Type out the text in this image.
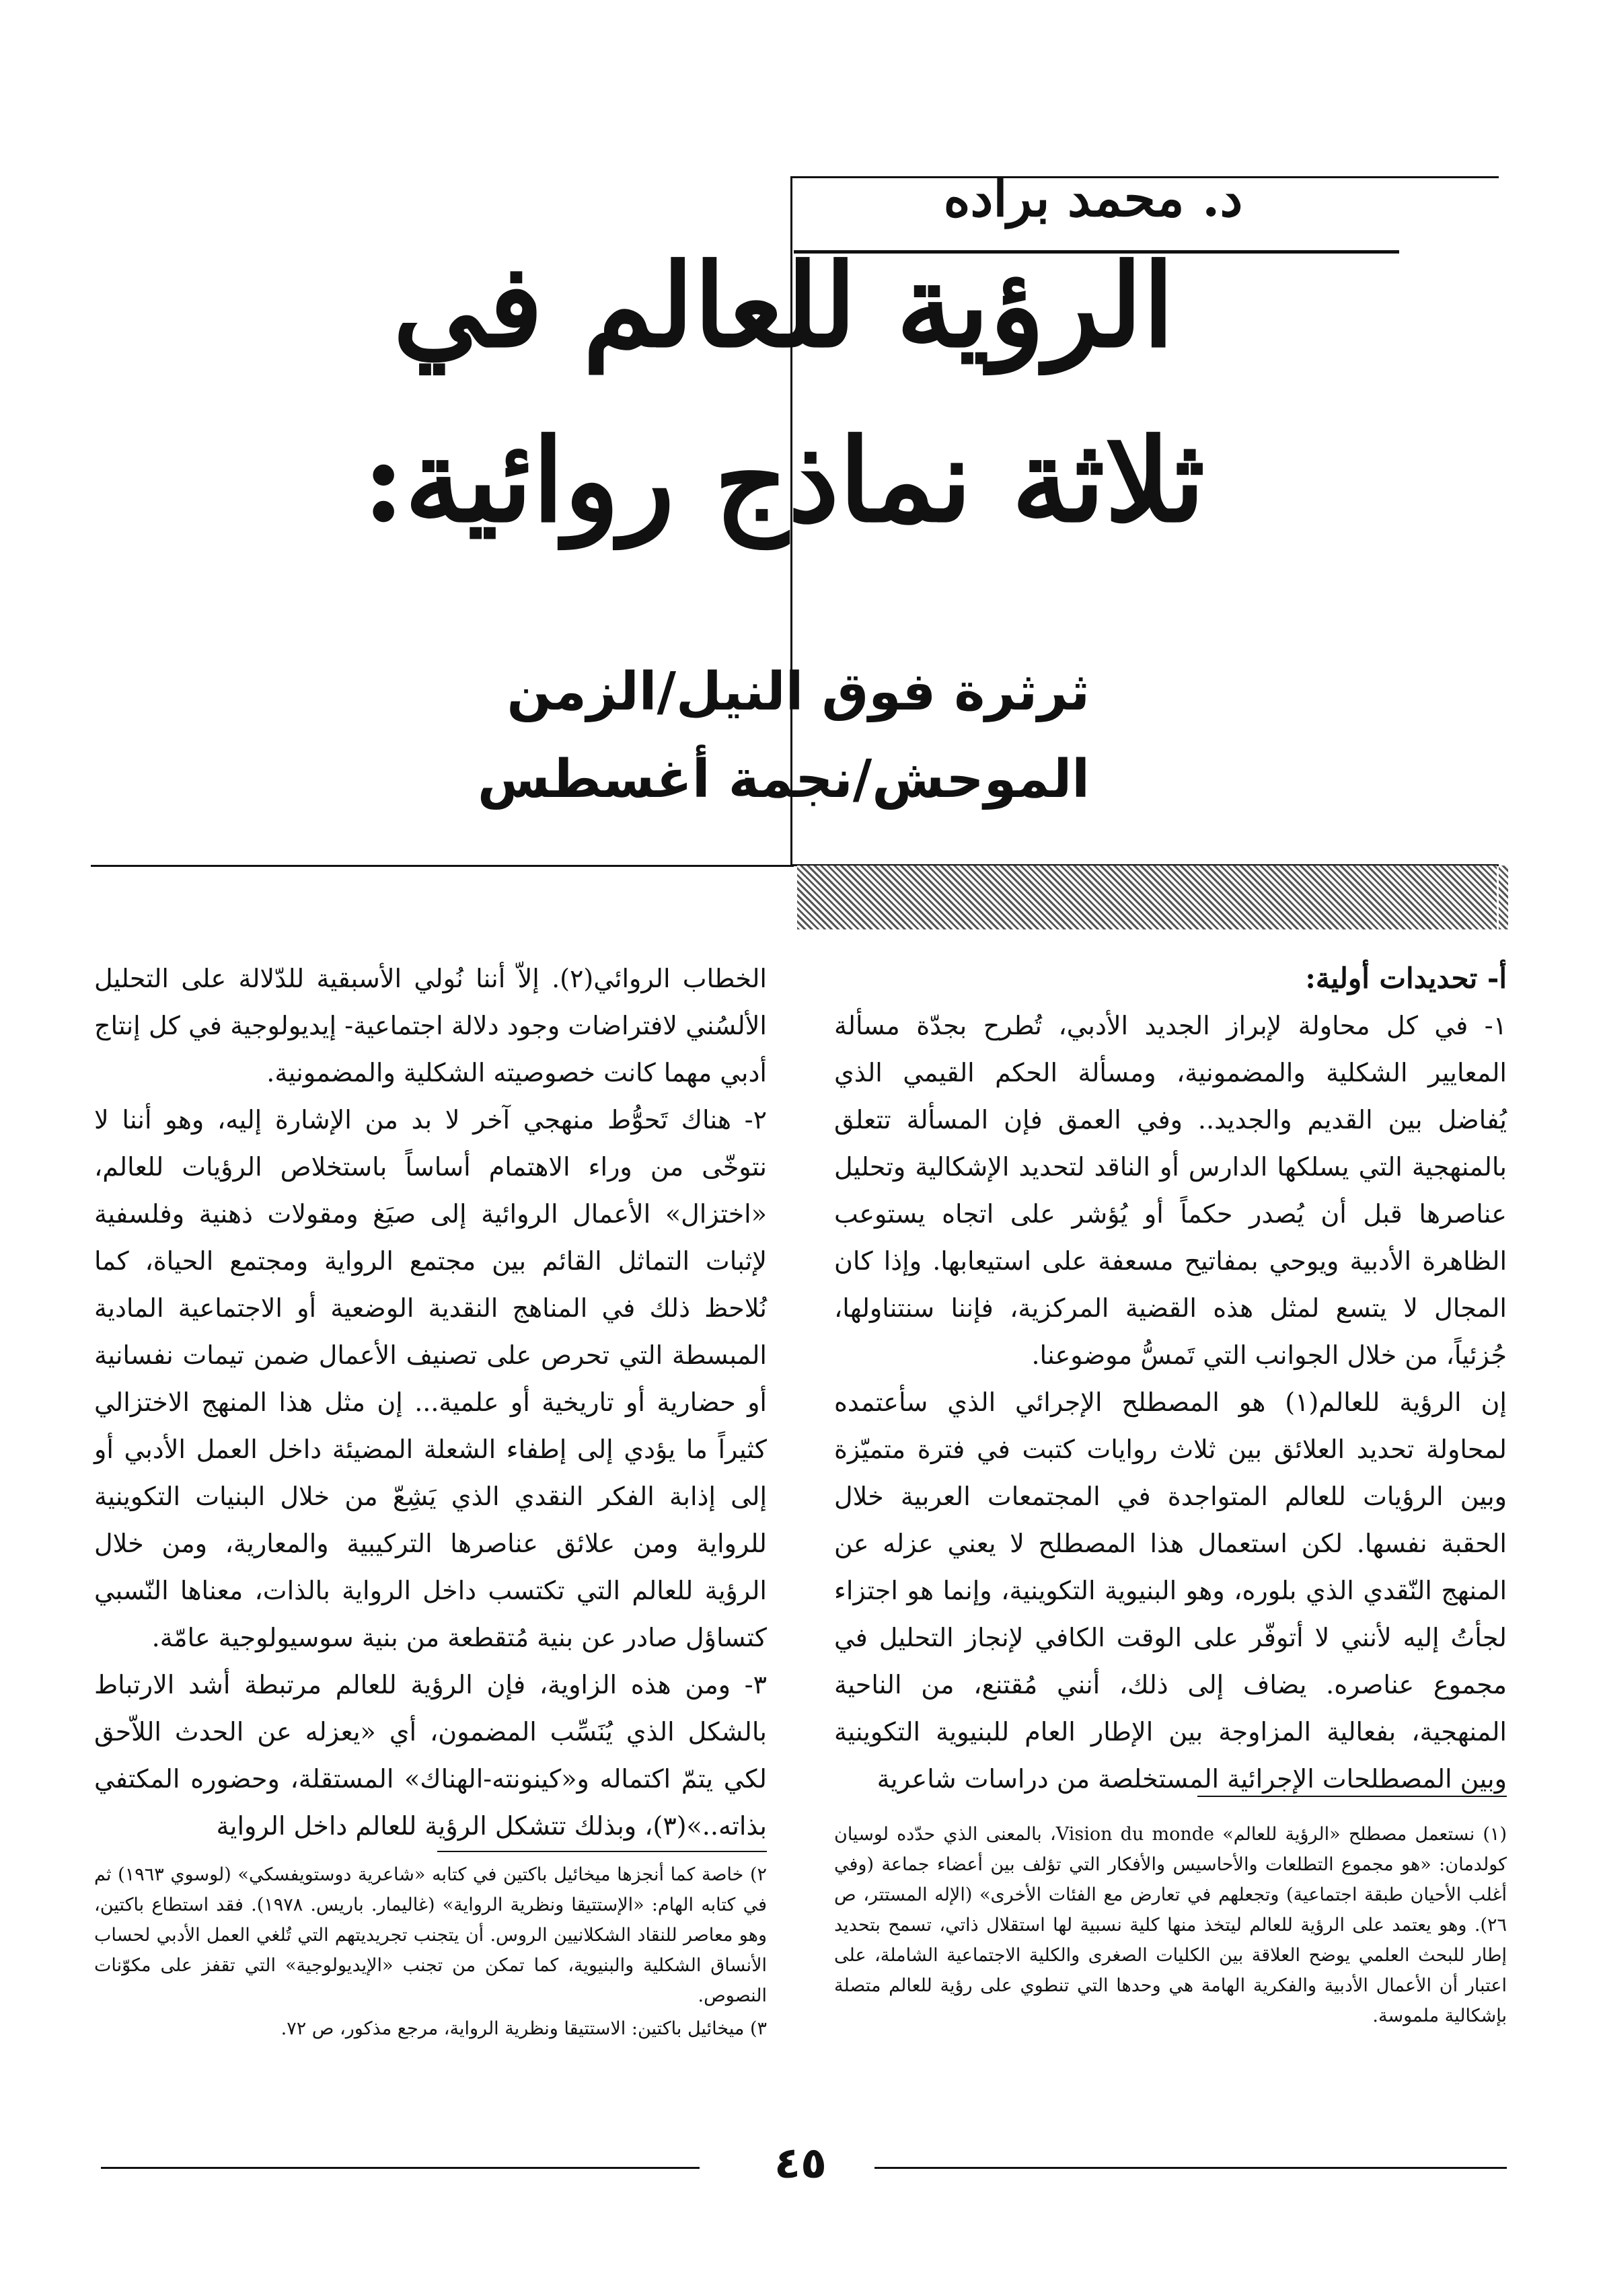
د. محمد براده
الرؤية للعالم في
ثلاثة نماذج روائية:
ثرثرة فوق النيل/الزمن
الموحش/نجمة أغسطس

أ- تحديدات أولية:

١- في كل محاولة لإبراز الجديد الأدبي، تُطرح بجدّة مسألة المعايير الشكلية والمضمونية، ومسألة الحكم القيمي الذي يُفاضل بين القديم والجديد.. وفي العمق فإن المسألة تتعلق بالمنهجية التي يسلكها الدارس أو الناقد لتحديد الإشكالية وتحليل عناصرها قبل أن يُصدر حكماً أو يُؤشر على اتجاه يستوعب الظاهرة الأدبية ويوحي بمفاتيح مسعفة على استيعابها. وإذا كان المجال لا يتسع لمثل هذه القضية المركزية، فإننا سنتناولها، جُزئياً، من خلال الجوانب التي تَمسُّ موضوعنا.

إن الرؤية للعالم(١) هو المصطلح الإجرائي الذي سأعتمده لمحاولة تحديد العلائق بين ثلاث روايات كتبت في فترة متميّزة وبين الرؤيات للعالم المتواجدة في المجتمعات العربية خلال الحقبة نفسها. لكن استعمال هذا المصطلح لا يعني عزله عن المنهج النّقدي الذي بلوره، وهو البنيوية التكوينية، وإنما هو اجتزاء لجأتُ إليه لأنني لا أتوفّر على الوقت الكافي لإنجاز التحليل في مجموع عناصره. يضاف إلى ذلك، أنني مُقتنع، من الناحية المنهجية، بفعالية المزاوجة بين الإطار العام للبنيوية التكوينية وبين المصطلحات الإجرائية المستخلصة من دراسات شاعرية

الخطاب الروائي(٢). إلاّ أننا نُولي الأسبقية للدّلالة على التحليل الألسُني لافتراضات وجود دلالة اجتماعية- إيديولوجية في كل إنتاج أدبي مهما كانت خصوصيته الشكلية والمضمونية.

٢- هناك تَحوُّط منهجي آخر لا بد من الإشارة إليه، وهو أننا لا نتوخّى من وراء الاهتمام أساساً باستخلاص الرؤيات للعالم، «اختزال» الأعمال الروائية إلى صيَغ ومقولات ذهنية وفلسفية لإثبات التماثل القائم بين مجتمع الرواية ومجتمع الحياة، كما نُلاحظ ذلك في المناهج النقدية الوضعية أو الاجتماعية المادية المبسطة التي تحرص على تصنيف الأعمال ضمن تيمات نفسانية أو حضارية أو تاريخية أو علمية... إن مثل هذا المنهج الاختزالي كثيراً ما يؤدي إلى إطفاء الشعلة المضيئة داخل العمل الأدبي أو إلى إذابة الفكر النقدي الذي يَشِعّ من خلال البنيات التكوينية للرواية ومن علائق عناصرها التركيبية والمعارية، ومن خلال الرؤية للعالم التي تكتسب داخل الرواية بالذات، معناها النّسبي كتساؤل صادر عن بنية مُتقطعة من بنية سوسيولوجية عامّة.

٣- ومن هذه الزاوية، فإن الرؤية للعالم مرتبطة أشد الارتباط بالشكل الذي يُنَسِّب المضمون، أي «يعزله عن الحدث اللاّحق لكي يتمّ اكتماله و«كينونته-الهناك» المستقلة، وحضوره المكتفي بذاته..»(٣)، وبذلك تتشكل الرؤية للعالم داخل الرواية	(١) نستعمل مصطلح «الرؤية للعالم» Vision du monde، بالمعنى الذي حدّده لوسيان كولدمان: «هو مجموع التطلعات والأحاسيس والأفكار التي تؤلف بين أعضاء جماعة (وفي أغلب الأحيان طبقة اجتماعية) وتجعلهم في تعارض مع الفئات الأخرى» (الإله المستتر، ص ٢٦). وهو يعتمد على الرؤية للعالم ليتخذ منها كلية نسبية لها استقلال ذاتي، تسمح بتحديد إطار للبحث العلمي يوضح العلاقة بين الكليات الصغرى والكلية الاجتماعية الشاملة، على اعتبار أن الأعمال الأدبية والفكرية الهامة هي وحدها التي تنطوي على رؤية للعالم متصلة بإشكالية ملموسة.

٢) خاصة كما أنجزها ميخائيل باكتين في كتابه «شاعرية دوستويفسكي» (لوسوي ١٩٦٣) ثم في كتابه الهام: «الإستتيقا ونظرية الرواية» (غاليمار. باريس. ١٩٧٨). فقد استطاع باكتين، وهو معاصر للنقاد الشكلانيين الروس. أن يتجنب تجريديتهم التي تُلغي العمل الأدبي لحساب الأنساق الشكلية والبنيوية، كما تمكن من تجنب «الإيديولوجية» التي تقفز على مكوّنات النصوص.

٣) ميخائيل باكتين: الاستتيقا ونظرية الرواية، مرجع مذكور، ص ٧٢.

٤٥
